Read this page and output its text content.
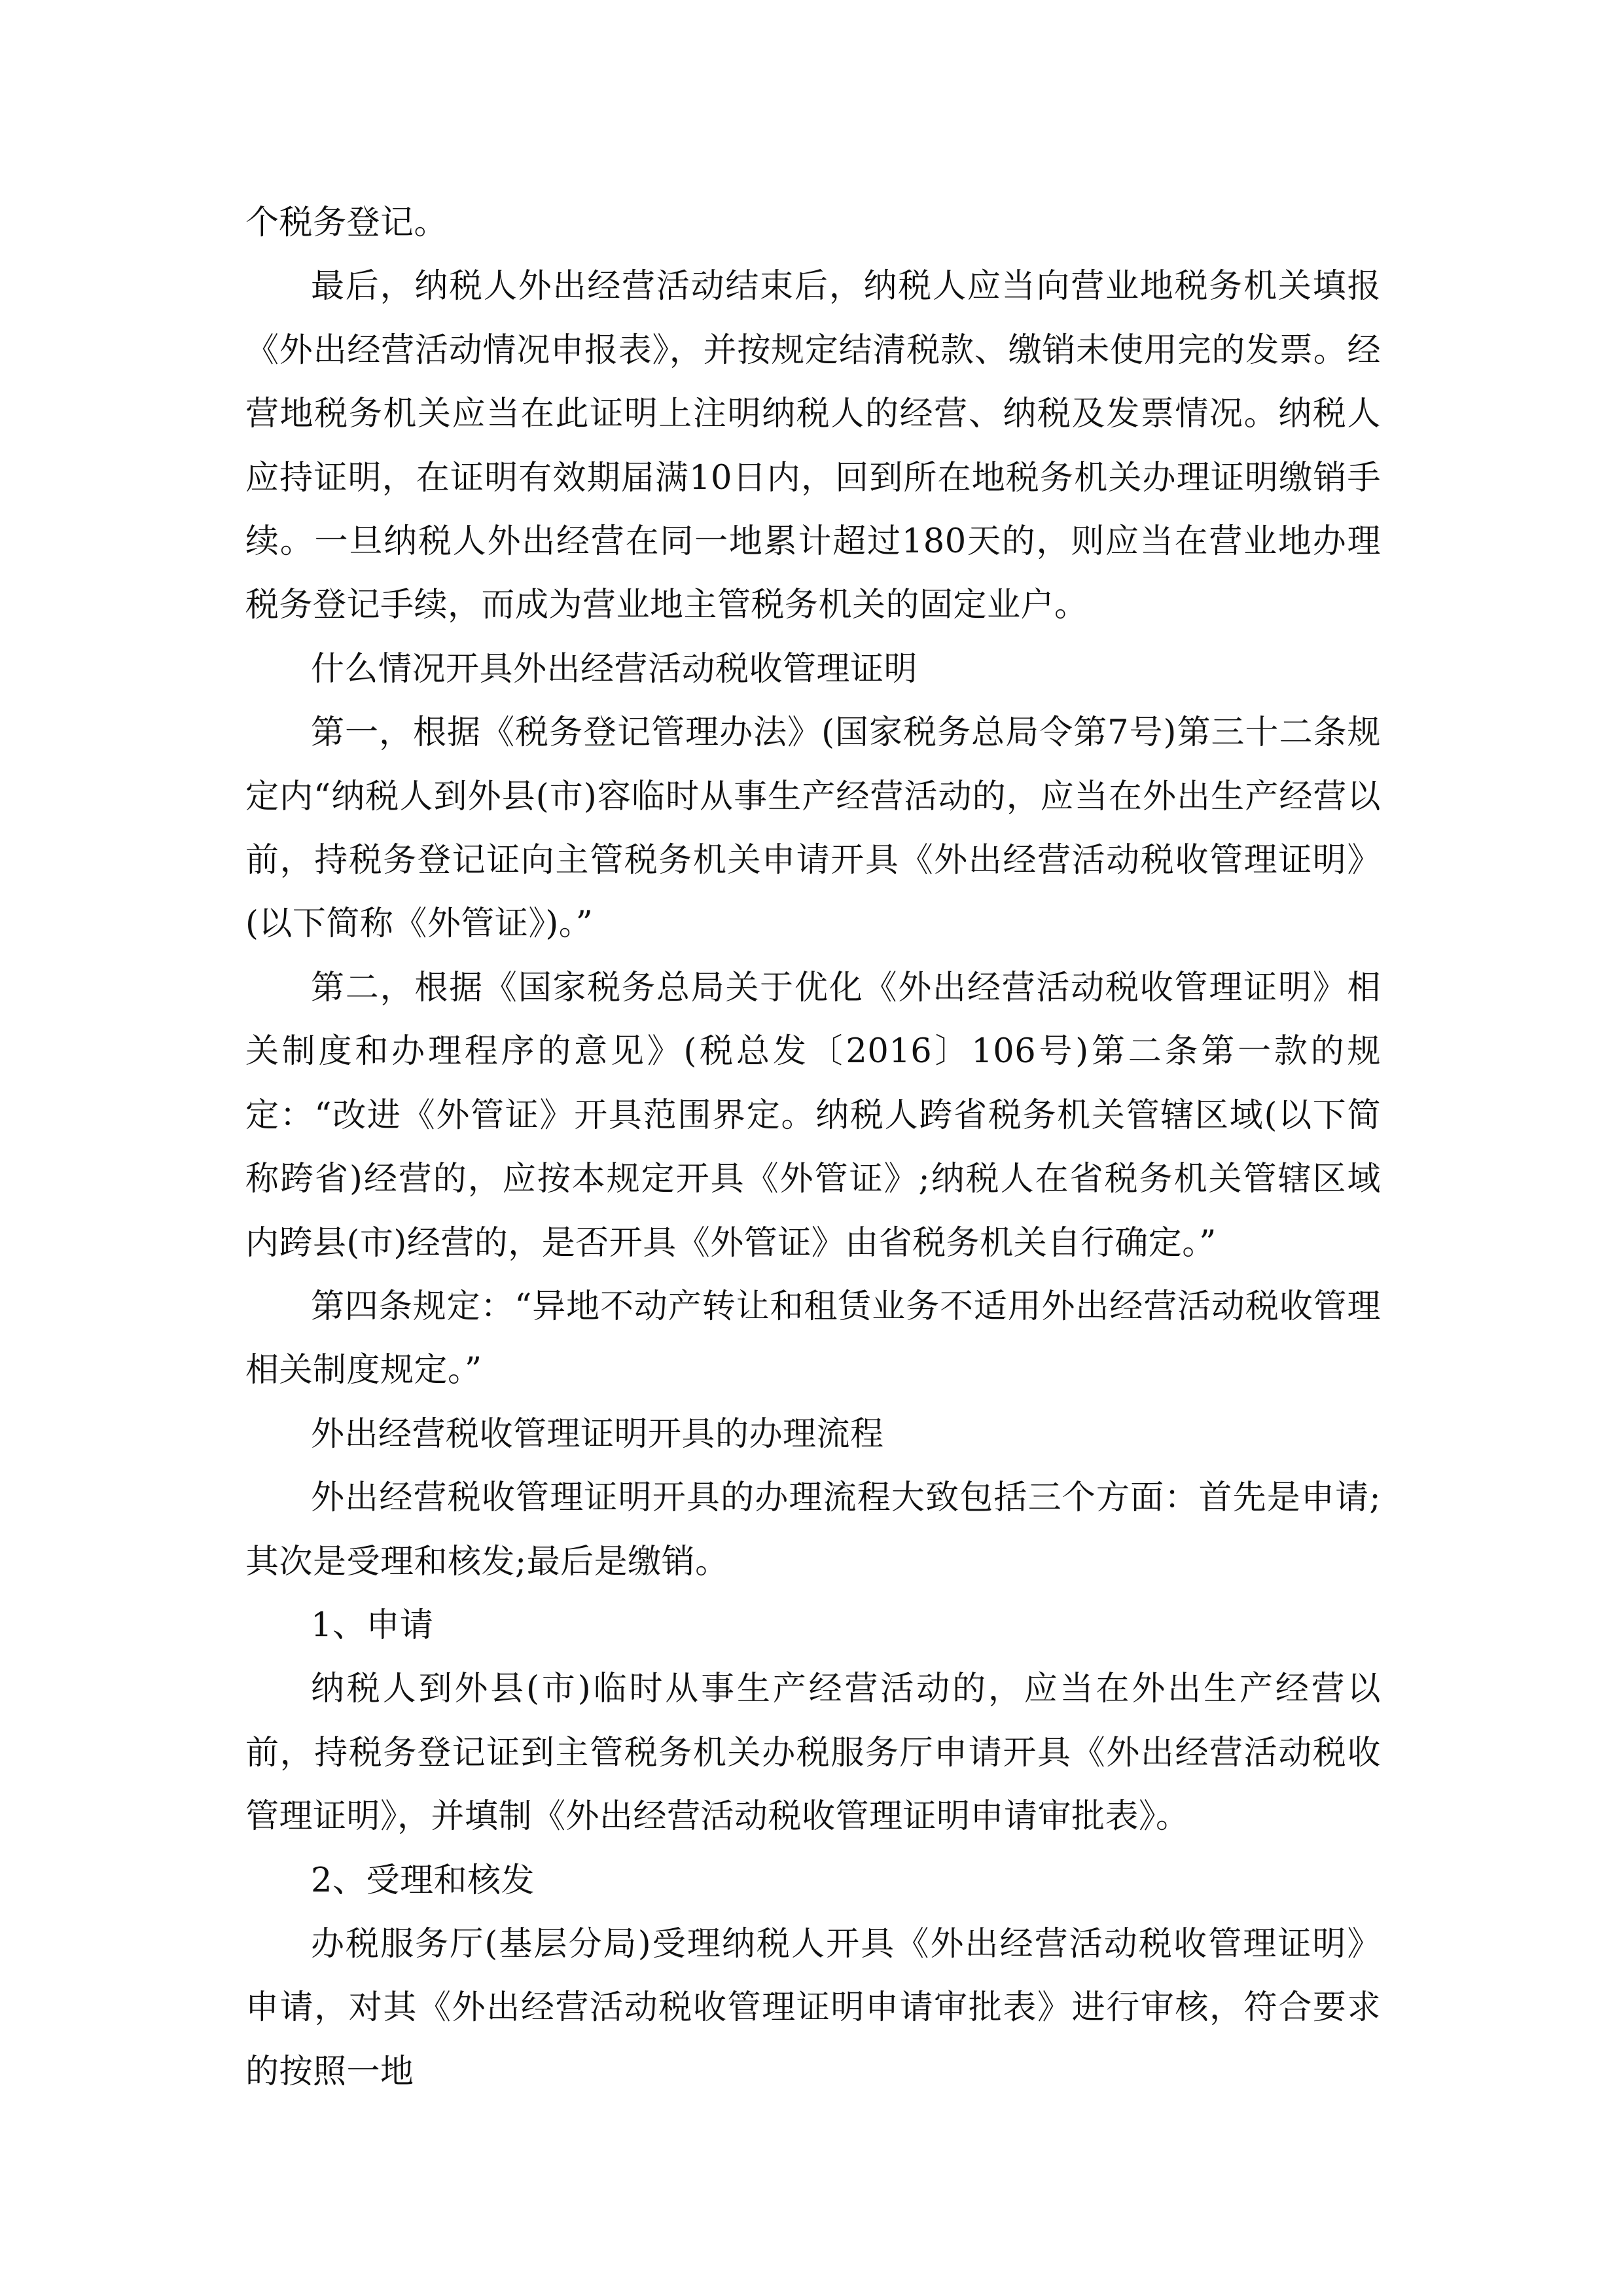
个税务登记。

最后，纳税人外出经营活动结束后，纳税人应当向营业地税务机关填报《外出经营活动情况申报表》，并按规定结清税款、缴销未使用完的发票。经营地税务机关应当在此证明上注明纳税人的经营、纳税及发票情况。纳税人应持证明，在证明有效期届满10日内，回到所在地税务机关办理证明缴销手续。一旦纳税人外出经营在同一地累计超过180天的，则应当在营业地办理税务登记手续，而成为营业地主管税务机关的固定业户。

什么情况开具外出经营活动税收管理证明

第一，根据《税务登记管理办法》(国家税务总局令第7号)第三十二条规定内“纳税人到外县(市)容临时从事生产经营活动的，应当在外出生产经营以前，持税务登记证向主管税务机关申请开具《外出经营活动税收管理证明》(以下简称《外管证》)。”

第二，根据《国家税务总局关于优化《外出经营活动税收管理证明》相关制度和办理程序的意见》(税总发〔2016〕106号)第二条第一款的规定：“改进《外管证》开具范围界定。纳税人跨省税务机关管辖区域(以下简称跨省)经营的，应按本规定开具《外管证》;纳税人在省税务机关管辖区域内跨县(市)经营的，是否开具《外管证》由省税务机关自行确定。”

第四条规定：“异地不动产转让和租赁业务不适用外出经营活动税收管理相关制度规定。”

外出经营税收管理证明开具的办理流程

外出经营税收管理证明开具的办理流程大致包括三个方面：首先是申请;其次是受理和核发;最后是缴销。

1、申请

纳税人到外县(市)临时从事生产经营活动的，应当在外出生产经营以前，持税务登记证到主管税务机关办税服务厅申请开具《外出经营活动税收管理证明》，并填制《外出经营活动税收管理证明申请审批表》。

2、受理和核发

办税服务厅(基层分局)受理纳税人开具《外出经营活动税收管理证明》申请，对其《外出经营活动税收管理证明申请审批表》进行审核，符合要求的按照一地
